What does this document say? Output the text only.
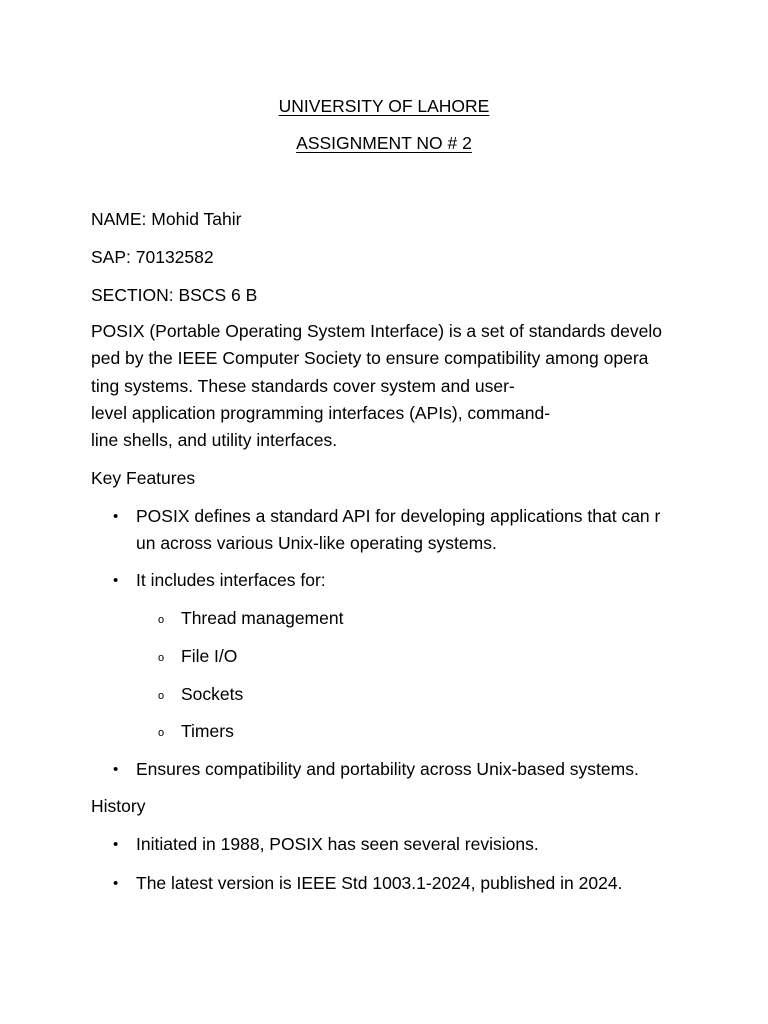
UNIVERSITY OF LAHORE
ASSIGNMENT NO # 2
NAME: Mohid Tahir
SAP: 70132582
SECTION: BSCS 6 B
POSIX (Portable Operating System Interface) is a set of standards develo
ped by the IEEE Computer Society to ensure compatibility among opera
ting systems. These standards cover system and user-
level application programming interfaces (APIs), command-
line shells, and utility interfaces.
Key Features
• POSIX defines a standard API for developing applications that can r
un across various Unix-like operating systems.
• It includes interfaces for:
o Thread management
o File I/O
o Sockets
o Timers
• Ensures compatibility and portability across Unix-based systems.
History
• Initiated in 1988, POSIX has seen several revisions.
• The latest version is IEEE Std 1003.1-2024, published in 2024.
